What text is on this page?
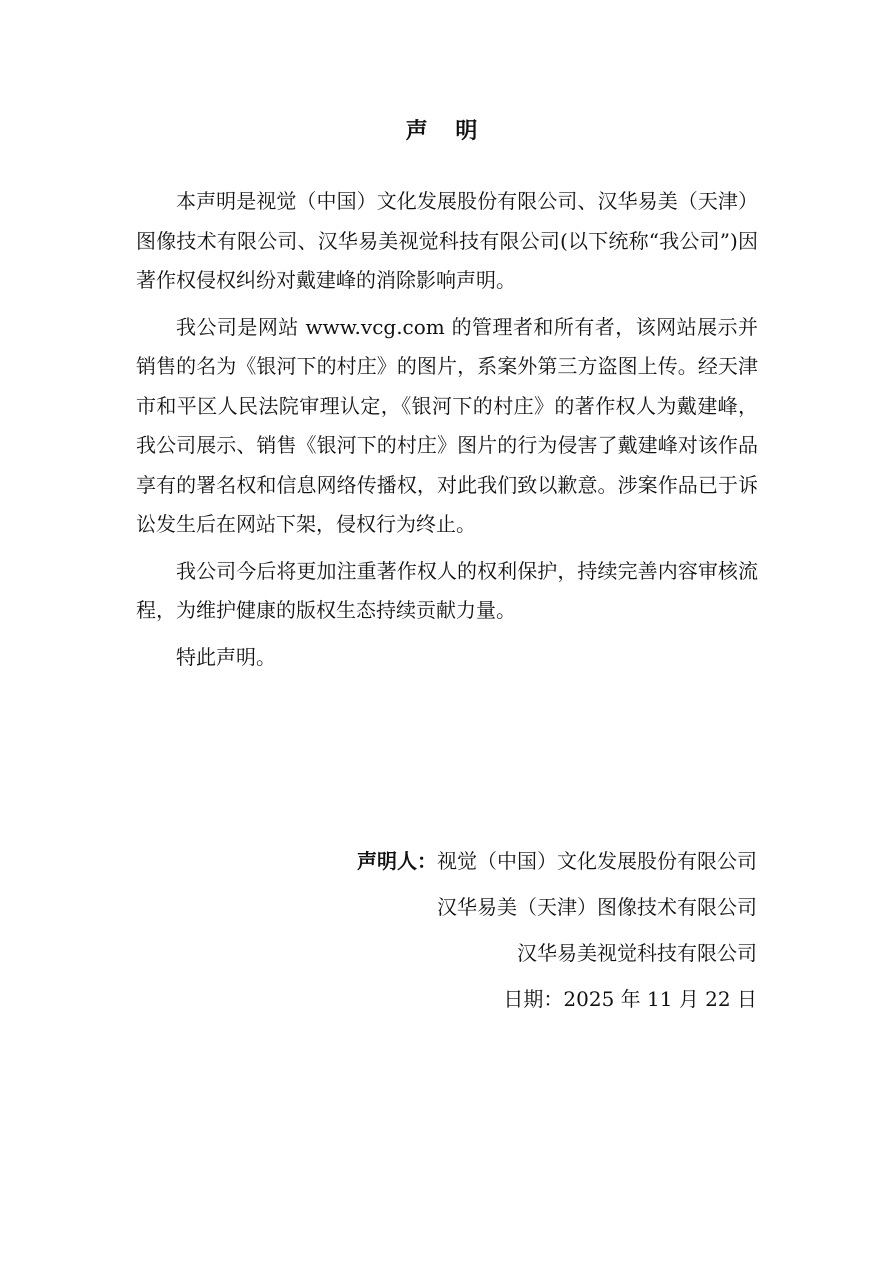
声 明

本声明是视觉（中国）文化发展股份有限公司、汉华易美（天津）图像技术有限公司、汉华易美视觉科技有限公司(以下统称“我公司”)因著作权侵权纠纷对戴建峰的消除影响声明。

我公司是网站 www.vcg.com 的管理者和所有者，该网站展示并销售的名为《银河下的村庄》的图片，系案外第三方盗图上传。经天津市和平区人民法院审理认定，《银河下的村庄》的著作权人为戴建峰，我公司展示、销售《银河下的村庄》图片的行为侵害了戴建峰对该作品享有的署名权和信息网络传播权，对此我们致以歉意。涉案作品已于诉讼发生后在网站下架，侵权行为终止。

我公司今后将更加注重著作权人的权利保护，持续完善内容审核流程，为维护健康的版权生态持续贡献力量。

特此声明。

声明人：视觉（中国）文化发展股份有限公司
汉华易美（天津）图像技术有限公司
汉华易美视觉科技有限公司
日期：2025 年 11 月 22 日
